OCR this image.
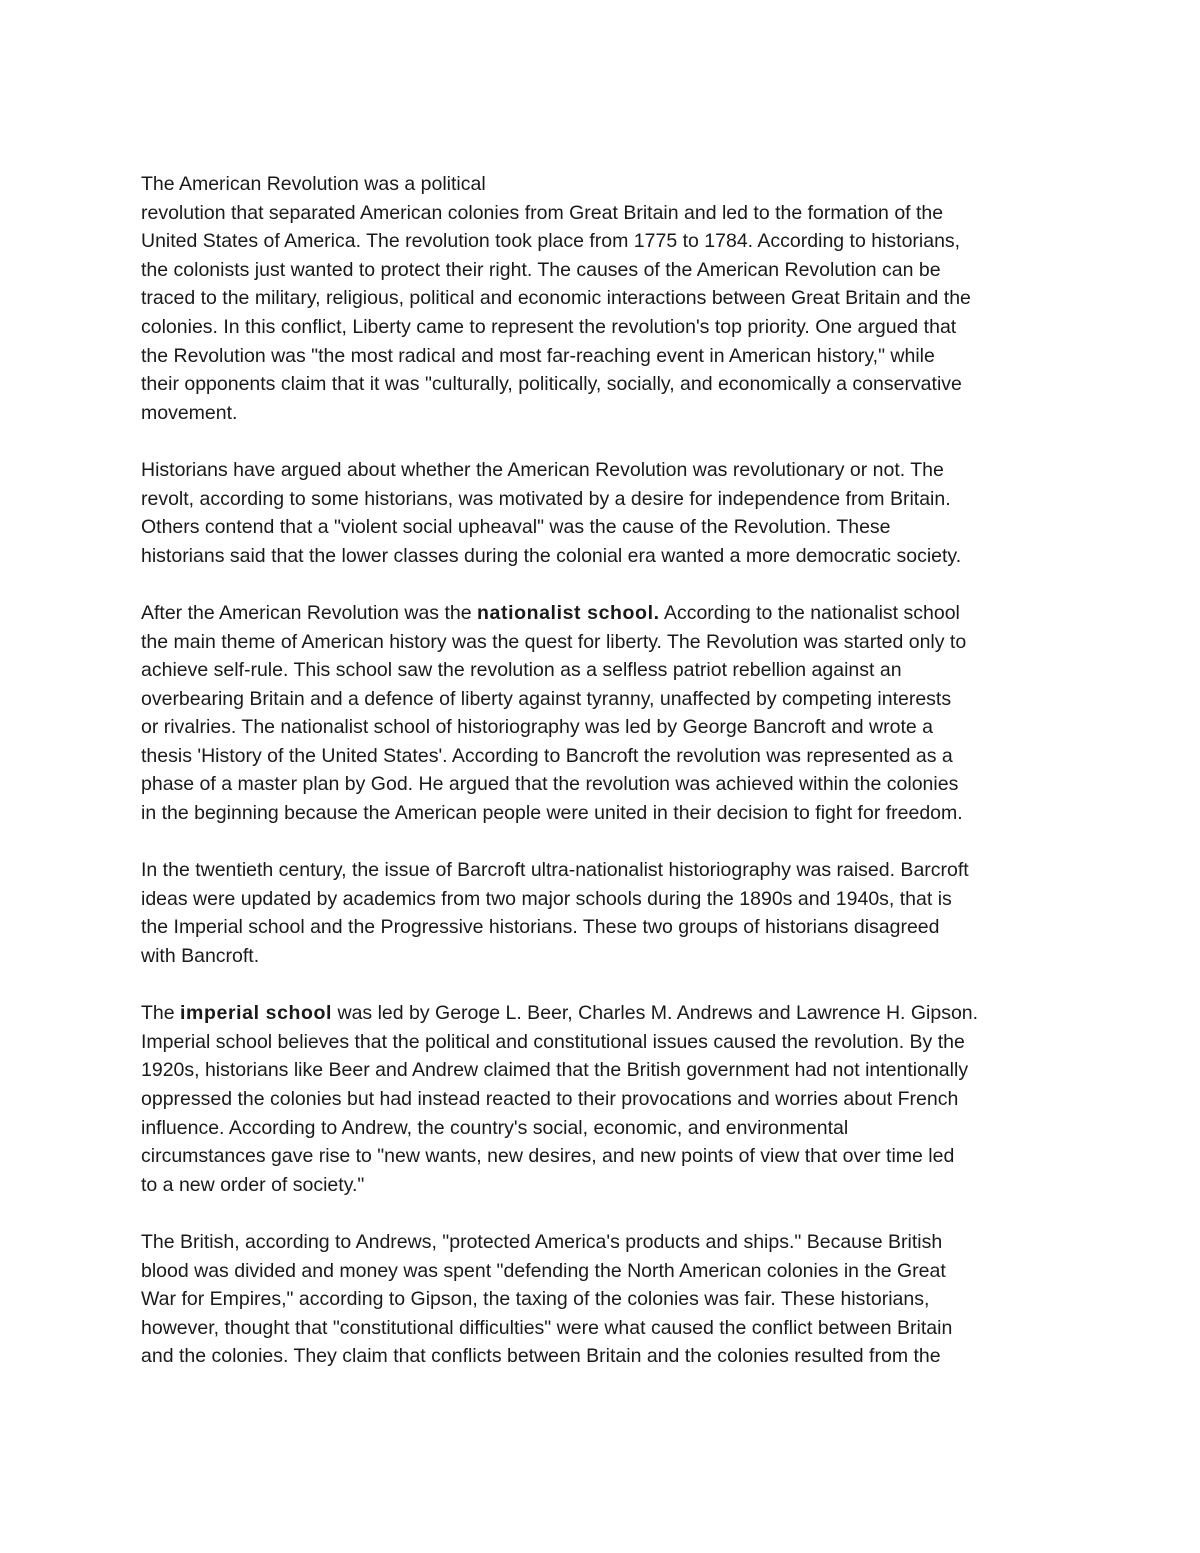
The American Revolution was a political
revolution that separated American colonies from Great Britain and led to the formation of the
United States of America. The revolution took place from 1775 to 1784. According to historians,
the colonists just wanted to protect their right. The causes of the American Revolution can be
traced to the military, religious, political and economic interactions between Great Britain and the
colonies. In this conflict, Liberty came to represent the revolution's top priority. One argued that
the Revolution was "the most radical and most far-reaching event in American history," while
their opponents claim that it was "culturally, politically, socially, and economically a conservative
movement.

Historians have argued about whether the American Revolution was revolutionary or not. The
revolt, according to some historians, was motivated by a desire for independence from Britain.
Others contend that a "violent social upheaval" was the cause of the Revolution. These
historians said that the lower classes during the colonial era wanted a more democratic society.

After the American Revolution was the nationalist school. According to the nationalist school
the main theme of American history was the quest for liberty. The Revolution was started only to
achieve self-rule. This school saw the revolution as a selfless patriot rebellion against an
overbearing Britain and a defence of liberty against tyranny, unaffected by competing interests
or rivalries. The nationalist school of historiography was led by George Bancroft and wrote a
thesis 'History of the United States'. According to Bancroft the revolution was represented as a
phase of a master plan by God. He argued that the revolution was achieved within the colonies
in the beginning because the American people were united in their decision to fight for freedom.

In the twentieth century, the issue of Barcroft ultra-nationalist historiography was raised. Barcroft
ideas were updated by academics from two major schools during the 1890s and 1940s, that is
the Imperial school and the Progressive historians. These two groups of historians disagreed
with Bancroft.

The imperial school was led by Geroge L. Beer, Charles M. Andrews and Lawrence H. Gipson.
Imperial school believes that the political and constitutional issues caused the revolution. By the
1920s, historians like Beer and Andrew claimed that the British government had not intentionally
oppressed the colonies but had instead reacted to their provocations and worries about French
influence. According to Andrew, the country's social, economic, and environmental
circumstances gave rise to "new wants, new desires, and new points of view that over time led
to a new order of society."

The British, according to Andrews, "protected America's products and ships." Because British
blood was divided and money was spent "defending the North American colonies in the Great
War for Empires," according to Gipson, the taxing of the colonies was fair. These historians,
however, thought that "constitutional difficulties" were what caused the conflict between Britain
and the colonies. They claim that conflicts between Britain and the colonies resulted from the
